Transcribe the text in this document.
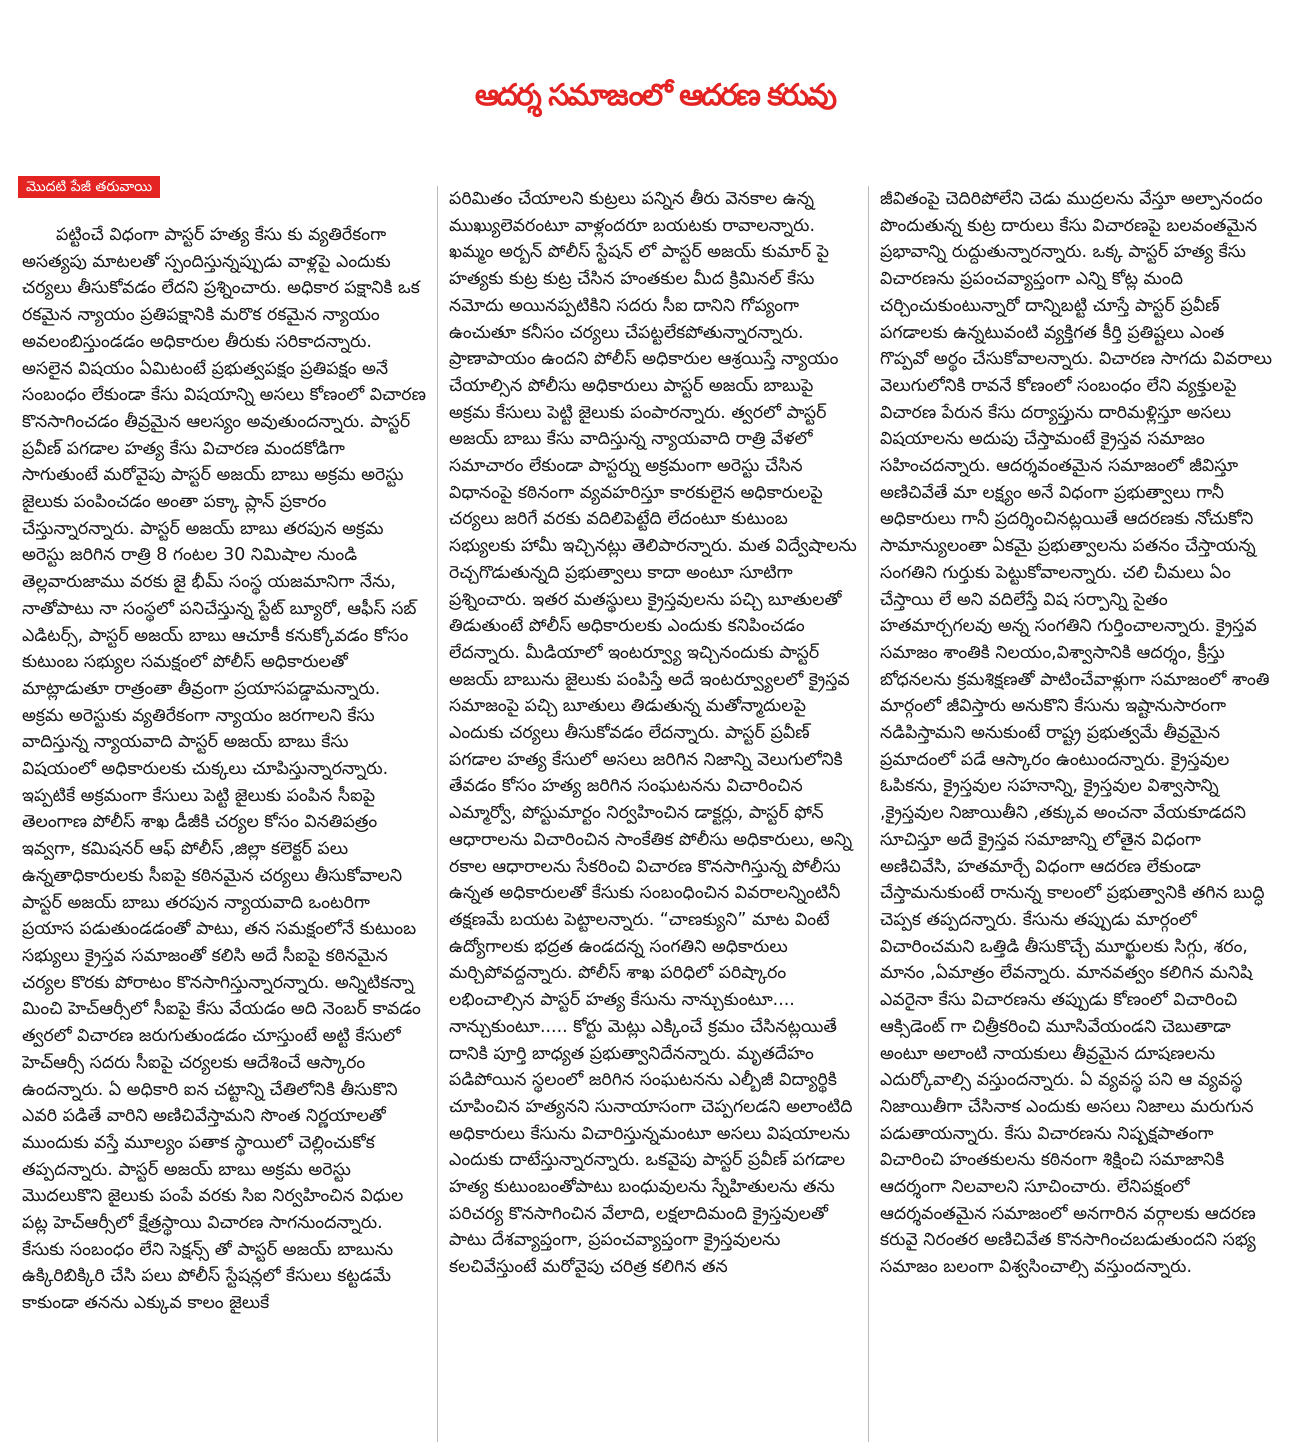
ఆదర్శ సమాజంలో ఆదరణ కరువు
మొదటి పేజీ తరువాయి
పట్టించే విధంగా పాస్టర్ హత్య కేసు కు వ్యతిరేకంగా అసత్యపు మాటలతో స్పందిస్తున్నప్పుడు వాళ్లపై ఎందుకు చర్యలు తీసుకోవడం లేదని ప్రశ్నించారు. అధికార పక్షానికి ఒక రకమైన న్యాయం ప్రతిపక్షానికి మరొక రకమైన న్యాయం అవలంబిస్తుండడం అధికారుల తీరుకు సరికాదన్నారు. అసలైన విషయం ఏమిటంటే ప్రభుత్వపక్షం ప్రతిపక్షం అనే సంబంధం లేకుండా కేసు విషయాన్ని అసలు కోణంలో విచారణ కొనసాగించడం తీవ్రమైన ఆలస్యం అవుతుందన్నారు. పాస్టర్ ప్రవీణ్ పగడాల హత్య కేసు విచారణ మందకోడిగా సాగుతుంటే మరోవైపు పాస్టర్ అజయ్ బాబు అక్రమ అరెస్టు జైలుకు పంపించడం అంతా పక్కా ప్లాన్ ప్రకారం చేస్తున్నారన్నారు. పాస్టర్ అజయ్ బాబు తరపున అక్రమ అరెస్టు జరిగిన రాత్రి 8 గంటల 30 నిమిషాల నుండి తెల్లవారుజాము వరకు జై భీమ్ సంస్థ యజమానిగా నేను, నాతోపాటు నా సంస్థలో పనిచేస్తున్న స్టేట్ బ్యూరో, ఆఫీస్ సబ్ ఎడిటర్స్, పాస్టర్ అజయ్ బాబు ఆచూకీ కనుక్కోవడం కోసం కుటుంబ సభ్యుల సమక్షంలో పోలీస్ అధికారులతో మాట్లాడుతూ రాత్రంతా తీవ్రంగా ప్రయాసపడ్డామన్నారు. అక్రమ అరెస్టుకు వ్యతిరేకంగా న్యాయం జరగాలని కేసు వాదిస్తున్న న్యాయవాది పాస్టర్ అజయ్ బాబు కేసు విషయంలో అధికారులకు చుక్కలు చూపిస్తున్నారన్నారు. ఇప్పటికే అక్రమంగా కేసులు పెట్టి జైలుకు పంపిన సీఐపై తెలంగాణ పోలీస్ శాఖ డీజీకి చర్యల కోసం వినతిపత్రం ఇవ్వగా, కమిషనర్ ఆఫ్ పోలీస్ ,జిల్లా కలెక్టర్ పలు ఉన్నతాధికారులకు సీఐపై కఠినమైన చర్యలు తీసుకోవాలని పాస్టర్ అజయ్ బాబు తరపున న్యాయవాది ఒంటరిగా ప్రయాస పడుతుండడంతో పాటు, తన సమక్షంలోనే కుటుంబ సభ్యులు క్రైస్తవ సమాజంతో కలిసి అదే సీఐపై కఠినమైన చర్యల కొరకు పోరాటం కొనసాగిస్తున్నారన్నారు. అన్నిటికన్నా మించి హెచ్ఆర్సీలో సీఐపై కేసు వేయడం అది నెంబర్ కావడం త్వరలో విచారణ జరుగుతుండడం చూస్తుంటే అట్టి కేసులో హెచ్ఆర్సీ సదరు సీఐపై చర్యలకు ఆదేశించే ఆస్కారం ఉందన్నారు. ఏ అధికారి ఐన చట్టాన్ని చేతిలోనికి తీసుకొని ఎవరి పడితే వారిని అణిచివేస్తామని సొంత నిర్ణయాలతో ముందుకు వస్తే మూల్యం పతాక స్థాయిలో చెల్లించుకోక తప్పదన్నారు. పాస్టర్ అజయ్ బాబు అక్రమ అరెస్టు మొదలుకొని జైలుకు పంపే వరకు సిఐ నిర్వహించిన విధుల పట్ల హెచ్ఆర్సీలో క్షేత్రస్థాయి విచారణ సాగనుందన్నారు. కేసుకు సంబంధం లేని సెక్షన్స్ తో పాస్టర్ అజయ్ బాబును ఉక్కిరిబిక్కిరి చేసి పలు పోలీస్ స్టేషన్లలో కేసులు కట్టడమే కాకుండా తనను ఎక్కువ కాలం జైలుకే
పరిమితం చేయాలని కుట్రలు పన్నిన తీరు వెనకాల ఉన్న ముఖ్యులెవరంటూ వాళ్లందరూ బయటకు రావాలన్నారు. ఖమ్మం అర్బన్ పోలీస్ స్టేషన్ లో పాస్టర్ అజయ్ కుమార్ పై హత్యకు కుట్ర కుట్ర చేసిన హంతకుల మీద క్రిమినల్ కేసు నమోదు అయినప్పటికిని సదరు సీఐ దానిని గోప్యంగా ఉంచుతూ కనీసం చర్యలు చేపట్టలేకపోతున్నారన్నారు. ప్రాణాపాయం ఉందని పోలీస్ అధికారుల ఆశ్రయిస్తే న్యాయం చేయాల్సిన పోలీసు అధికారులు పాస్టర్ అజయ్ బాబుపై అక్రమ కేసులు పెట్టి జైలుకు పంపారన్నారు. త్వరలో పాస్టర్ అజయ్ బాబు కేసు వాదిస్తున్న న్యాయవాది రాత్రి వేళలో సమాచారం లేకుండా పాస్టర్ను అక్రమంగా అరెస్టు చేసిన విధానంపై కఠినంగా వ్యవహరిస్తూ కారకులైన అధికారులపై చర్యలు జరిగే వరకు వదిలిపెట్టేది లేదంటూ కుటుంబ సభ్యులకు హామీ ఇచ్చినట్లు తెలిపారన్నారు. మత విద్వేషాలను రెచ్చగొడుతున్నది ప్రభుత్వాలు కాదా అంటూ సూటిగా ప్రశ్నించారు. ఇతర మతస్థులు క్రైస్తవులను పచ్చి బూతులతో తిడుతుంటే పోలీస్ అధికారులకు ఎందుకు కనిపించడం లేదన్నారు. మీడియాలో ఇంటర్వ్యూ ఇచ్చినందుకు పాస్టర్ అజయ్ బాబును జైలుకు పంపిస్తే అదే ఇంటర్వ్యూలలో క్రైస్తవ సమాజంపై పచ్చి బూతులు తిడుతున్న మతోన్మాదులపై ఎందుకు చర్యలు తీసుకోవడం లేదన్నారు. పాస్టర్ ప్రవీణ్ పగడాల హత్య కేసులో అసలు జరిగిన నిజాన్ని వెలుగులోనికి తేవడం కోసం హత్య జరిగిన సంఘటనను విచారించిన ఎమ్మార్వో, పోస్టుమార్టం నిర్వహించిన డాక్టర్లు, పాస్టర్ ఫోన్ ఆధారాలను విచారించిన సాంకేతిక పోలీసు అధికారులు, అన్ని రకాల ఆధారాలను సేకరించి విచారణ కొనసాగిస్తున్న పోలీసు ఉన్నత అధికారులతో కేసుకు సంబంధించిన వివరాలన్నింటినీ తక్షణమే బయట పెట్టాలన్నారు. “చాణక్యుని” మాట వింటే ఉద్యోగాలకు భద్రత ఉండదన్న సంగతిని అధికారులు మర్చిపోవద్దన్నారు. పోలీస్ శాఖ పరిధిలో పరిష్కారం లభించాల్సిన పాస్టర్ హత్య కేసును నాన్చుకుంటూ.... నాన్చుకుంటూ..... కోర్టు మెట్లు ఎక్కించే క్రమం చేసినట్లయితే దానికి పూర్తి బాధ్యత ప్రభుత్వానిదేనన్నారు. మృతదేహం పడిపోయిన స్థలంలో జరిగిన సంఘటనను ఎల్బీజీ విద్యార్థికి చూపించిన హత్యనని సునాయాసంగా చెప్పగలడని అలాంటిది అధికారులు కేసును విచారిస్తున్నమంటూ అసలు విషయాలను ఎందుకు దాటేస్తున్నారన్నారు. ఒకవైపు పాస్టర్ ప్రవీణ్ పగడాల హత్య కుటుంబంతోపాటు బంధువులను స్నేహితులను తను పరిచర్య కొనసాగించిన వేలాది, లక్షలాదిమంది క్రైస్తవులతో పాటు దేశవ్యాప్తంగా, ప్రపంచవ్యాప్తంగా క్రైస్తవులను కలచివేస్తుంటే మరోవైపు చరిత్ర కలిగిన తన
జీవితంపై చెదిరిపోలేని చెడు ముద్రలను వేస్తూ అల్పానందం పొందుతున్న కుట్ర దారులు కేసు విచారణపై బలవంతమైన ప్రభావాన్ని రుద్దుతున్నారన్నారు. ఒక్క పాస్టర్ హత్య కేసు విచారణను ప్రపంచవ్యాప్తంగా ఎన్ని కోట్ల మంది చర్చించుకుంటున్నారో దాన్నిబట్టి చూస్తే పాస్టర్ ప్రవీణ్ పగడాలకు ఉన్నటువంటి వ్యక్తిగత కీర్తి ప్రతిష్టలు ఎంత గొప్పవో అర్థం చేసుకోవాలన్నారు. విచారణ సాగదు వివరాలు వెలుగులోనికి రావనే కోణంలో సంబంధం లేని వ్యక్తులపై విచారణ పేరున కేసు దర్యాప్తును దారిమళ్లిస్తూ అసలు విషయాలను అదుపు చేస్తామంటే క్రైస్తవ సమాజం సహించదన్నారు. ఆదర్శవంతమైన సమాజంలో జీవిస్తూ అణిచివేతే మా లక్ష్యం అనే విధంగా ప్రభుత్వాలు గానీ అధికారులు గానీ ప్రదర్శించినట్లయితే ఆదరణకు నోచుకోని సామాన్యులంతా ఏకమై ప్రభుత్వాలను పతనం చేస్తాయన్న సంగతిని గుర్తుకు పెట్టుకోవాలన్నారు. చలి చీమలు ఏం చేస్తాయి లే అని వదిలేస్తే విష సర్పాన్ని సైతం హతమార్చగలవు అన్న సంగతిని గుర్తించాలన్నారు. క్రైస్తవ సమాజం శాంతికి నిలయం,విశ్వాసానికి ఆదర్శం, క్రీస్తు బోధనలను క్రమశిక్షణతో పాటించేవాళ్లుగా సమాజంలో శాంతి మార్గంలో జీవిస్తారు అనుకొని కేసును ఇష్టానుసారంగా నడిపిస్తామని అనుకుంటే రాష్ట్ర ప్రభుత్వమే తీవ్రమైన ప్రమాదంలో పడే ఆస్కారం ఉంటుందన్నారు. క్రైస్తవుల ఓపికను, క్రైస్తవుల సహనాన్ని, క్రైస్తవుల విశ్వాసాన్ని ,క్రైస్తవుల నిజాయితీని ,తక్కువ అంచనా వేయకూడదని సూచిస్తూ అదే క్రైస్తవ సమాజాన్ని లోతైన విధంగా అణిచివేసి, హతమార్చే విధంగా ఆదరణ లేకుండా చేస్తామనుకుంటే రానున్న కాలంలో ప్రభుత్వానికి తగిన బుద్ధి చెప్పక తప్పదన్నారు. కేసును తప్పుడు మార్గంలో విచారించమని ఒత్తిడి తీసుకొచ్చే మూర్ఖులకు సిగ్గు, శరం, మానం ,ఏమాత్రం లేవన్నారు. మానవత్వం కలిగిన మనిషి ఎవరైనా కేసు విచారణను తప్పుడు కోణంలో విచారించి ఆక్సిడెంట్ గా చిత్రీకరించి మూసివేయండని చెబుతాడా అంటూ అలాంటి నాయకులు తీవ్రమైన దూషణలను ఎదుర్కోవాల్సి వస్తుందన్నారు. ఏ వ్యవస్థ పని ఆ వ్యవస్థ నిజాయితీగా చేసినాక ఎందుకు అసలు నిజాలు మరుగున పడుతాయన్నారు. కేసు విచారణను నిష్పక్షపాతంగా విచారించి హంతకులను కఠినంగా శిక్షించి సమాజానికి ఆదర్శంగా నిలవాలని సూచించారు. లేనిపక్షంలో ఆదర్శవంతమైన సమాజంలో అనగారిన వర్గాలకు ఆదరణ కరువై నిరంతర అణిచివేత కొనసాగించబడుతుందని సభ్య సమాజం బలంగా విశ్వసించాల్సి వస్తుందన్నారు.
